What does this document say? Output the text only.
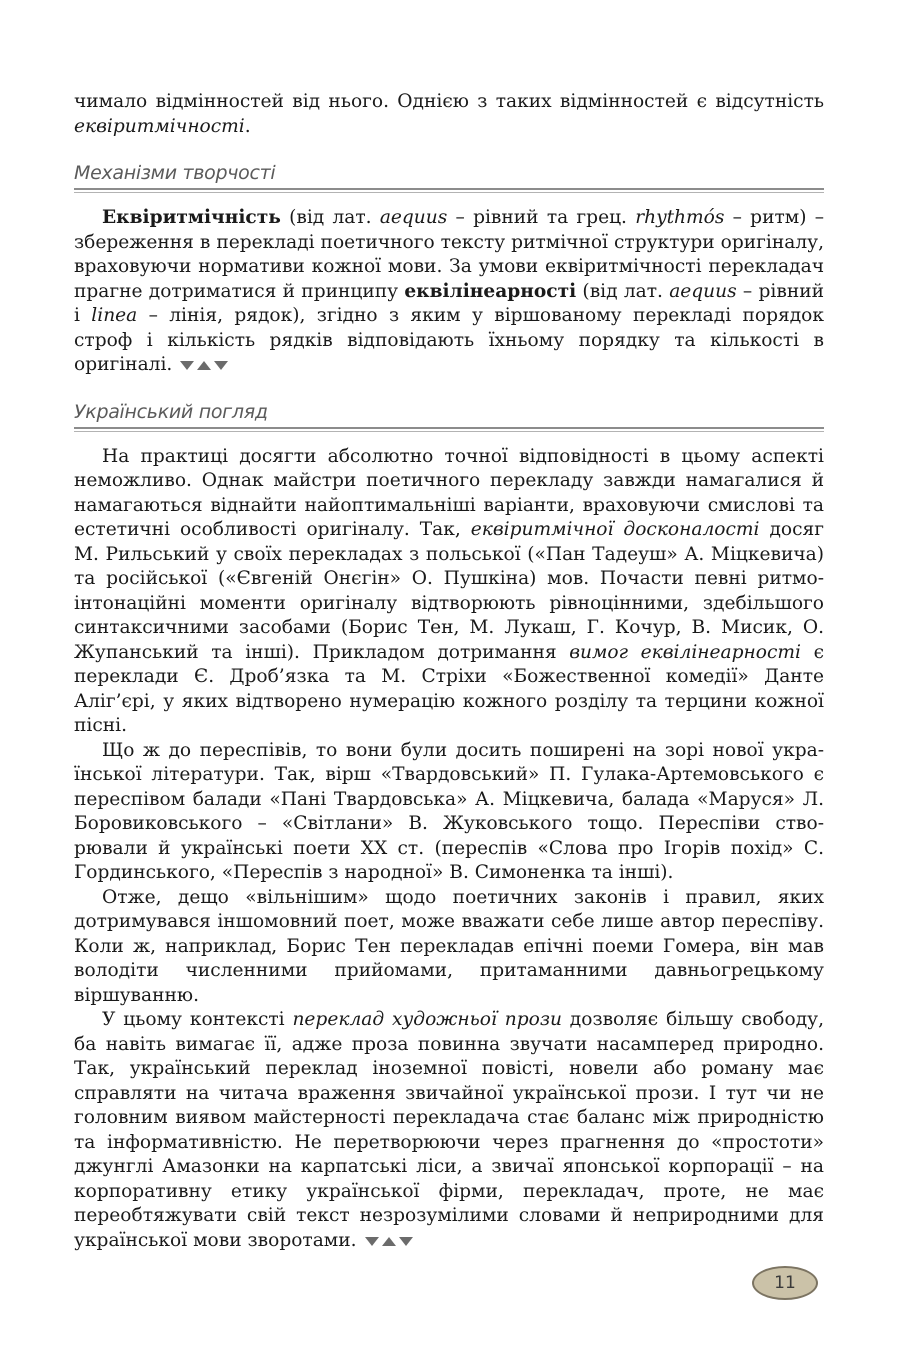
чимало відмінностей від нього. Однією з таких відмінностей є відсутність еквіритмічності.

Механізми творчості

Еквіритмічність (від лат. aequus – рівний та грец. rhythmós – ритм) – збереження в перекладі поетичного тексту ритмічної структури оригіналу, враховуючи нормативи кожної мови. За умови еквіритмічності перекладач прагне дотриматися й принципу еквілінеарності (від лат. aequus – рівний і linea – лінія, рядок), згідно з яким у віршованому перекладі порядок строф і кількість рядків відповідають їхньому порядку та кількості в оригіналі.

Український погляд

На практиці досягти абсолютно точної відповідності в цьому аспекті неможливо. Однак майстри поетичного перекладу завжди намагалися й намагаються віднайти найоптимальніші варіанти, враховуючи смислові та естетичні особливості оригіналу. Так, еквіритмічної досконалості досяг М. Рильський у своїх перекладах з польської («Пан Тадеуш» А. Міцкевича) та російської («Євгеній Онєгін» О. Пушкіна) мов. Почасти певні ритмо-інтонаційні моменти оригіналу відтворюють рівноцінними, здебільшого синтаксичними засобами (Борис Тен, М. Лукаш, Г. Кочур, В. Мисик, О. Жупанський та інші). Прикладом дотримання вимог еквілінеарності є переклади Є. Дроб’язка та М. Стріхи «Божественної комедії» Данте Аліг’єрі, у яких відтворено нумерацію кожного розділу та терцини кожної пісні.

Що ж до переспівів, то вони були досить поширені на зорі нової української літератури. Так, вірш «Твардовський» П. Гулака-Артемовського є переспівом балади «Пані Твардовська» А. Міцкевича, балада «Маруся» Л. Боровиковського – «Світлани» В. Жуковського тощо. Переспіви створювали й українські поети ХХ ст. (переспів «Слова про Ігорів похід» С. Гординського, «Переспів з народної» В. Симоненка та інші).

Отже, дещо «вільнішим» щодо поетичних законів і правил, яких дотримувався іншомовний поет, може вважати себе лише автор переспіву. Коли ж, наприклад, Борис Тен перекладав епічні поеми Гомера, він мав володіти численними прийомами, притаманними давньогрецькому віршуванню.

У цьому контексті переклад художньої прози дозволяє більшу свободу, ба навіть вимагає її, адже проза повинна звучати насамперед природно. Так, український переклад іноземної повісті, новели або роману має справляти на читача враження звичайної української прози. І тут чи не головним виявом майстерності перекладача стає баланс між природністю та інформативністю. Не перетворюючи через прагнення до «простоти» джунглі Амазонки на карпатські ліси, а звичаї японської корпорації – на корпоративну етику української фірми, перекладач, проте, не має переобтяжувати свій текст незрозумілими словами й неприродними для української мови зворотами.

11
